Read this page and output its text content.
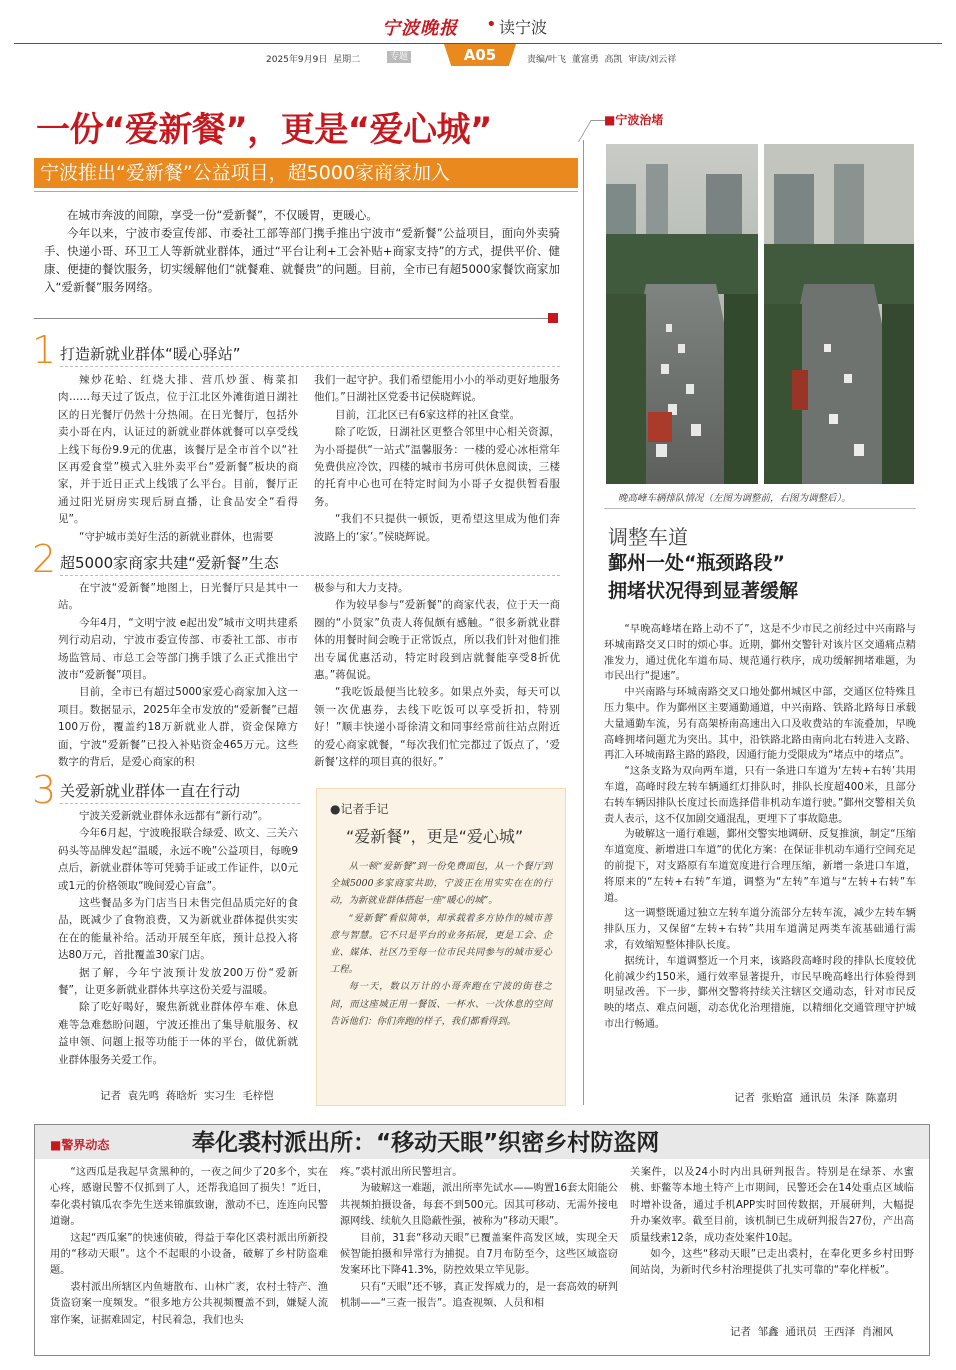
宁波晚报 • 读宁波
2025年9月9日  星期二	专题	A05	责编/叶飞  董富勇  高凯  审读/刘云祥
一份“爱新餐”，更是“爱心城”
宁波推出“爱新餐”公益项目，超5000家商家加入

在城市奔波的间隙，享受一份“爱新餐”，不仅暖胃，更暖心。

今年以来，宁波市委宣传部、市委社工部等部门携手推出宁波市“爱新餐”公益项目，面向外卖骑手、快递小哥、环卫工人等新就业群体，通过“平台让利+工会补贴+商家支持”的方式，提供平价、健康、便捷的餐饮服务，切实缓解他们“就餐难、就餐贵”的问题。目前，全市已有超5000家餐饮商家加入“爱新餐”服务网络。

1 打造新就业群体“暖心驿站”

辣炒花蛤、红烧大排、营爪炒蛋、梅菜扣肉……每天过了饭点，位于江北区外滩街道日湖社区的日光餐厅仍然十分热闹。在日光餐厅，包括外卖小哥在内，认证过的新就业群体就餐可以享受线上线下每份9.9元的优惠，该餐厅是全市首个以“社区再爱食堂”模式入驻外卖平台“爱新餐”板块的商家，并于近日正式上线饿了么平台。目前，餐厅正通过阳光厨房实现后厨直播，让食品安全“看得见”。

“守护城市美好生活的新就业群体，也需要

我们一起守护。我们希望能用小小的举动更好地服务他们。”日湖社区党委书记侯晓辉说。

目前，江北区已有6家这样的社区食堂。

除了吃饭，日湖社区更整合邻里中心相关资源，为小哥提供“一站式”温馨服务：一楼的爱心冰柜常年免费供应冷饮，四楼的城市书房可供休息阅读，三楼的托育中心也可在特定时间为小哥子女提供暂看服务。

“我们不只提供一顿饭，更希望这里成为他们奔波路上的‘家’。”侯晓辉说。

2 超5000家商家共建“爱新餐”生态

在宁波“爱新餐”地图上，日光餐厅只是其中一站。

今年4月，“文明宁波 e起出发”城市文明共建系列行动启动，宁波市委宣传部、市委社工部、市市场监管局、市总工会等部门携手饿了么正式推出宁波市“爱新餐”项目。

目前，全市已有超过5000家爱心商家加入这一项目。数据显示，2025年全市发放的“爱新餐”已超100万份，覆盖约18万新就业人群，资金保障方面，宁波“爱新餐”已投入补贴资金465万元。这些数字的背后，是爱心商家的积

极参与和大力支持。

作为较早参与“爱新餐”的商家代表，位于天一商圈的“小贤家”负责人蒋侃颇有感触。“很多新就业群体的用餐时间会晚于正常饭点，所以我们针对他们推出专属优惠活动，特定时段到店就餐能享受8折优惠。”蒋侃说。

“我吃饭最便当比较多。如果点外卖，每天可以领一次优惠券，去线下吃饭可以享受折扣，特别好！”顺丰快递小哥徐清文和同事经常前往站点附近的爱心商家就餐，“每次我们忙完都过了饭点了，‘爱新餐’这样的项目真的很好。”

3 关爱新就业群体一直在行动

宁波关爱新就业群体永远都有“新行动”。

今年6月起，宁波晚报联合绿爱、欧文、三关六码头等品牌发起“温暖，永远不晚”公益项目，每晚9点后，新就业群体等可凭骑手证或工作证件，以0元或1元的价格领取“晚间爱心盲盒”。

这些餐品多为门店当日未售完但品质完好的食品，既减少了食物浪费，又为新就业群体提供实实在在的能量补给。活动开展至年底，预计总投入将达80万元，首批覆盖30家门店。

据了解，今年宁波预计发放200万份“爱新餐”，让更多新就业群体共享这份关爱与温暖。

除了吃好喝好，聚焦新就业群体停车难、休息难等急难愁盼问题，宁波还推出了集导航服务、权益申领、问题上报等功能于一体的平台，做优新就业群体服务关爱工作。

记者  袁先鸣  蒋晗炘  实习生  毛梓恺
●记者手记
“爱新餐”，更是“爱心城”

从一顿“爱新餐”到一份免费面包，从一个餐厅到全城5000多家商家共助，宁波正在用实实在在的行动，为新就业群体搭起一座“暖心的城”。

“爱新餐”看似简单，却承载着多方协作的城市善意与智慧。它不只是平台的业务拓展，更是工会、企业、媒体、社区乃至每一位市民共同参与的城市爱心工程。

每一天，数以万计的小哥奔跑在宁波的街巷之间，而这座城正用一餐饭、一杯水、一次休息的空间告诉他们：你们奔跑的样子，我们都看得到。

■宁波治堵
晚高峰车辆排队情况（左图为调整前，右图为调整后）。
调整车道
鄞州一处“瓶颈路段”
拥堵状况得到显著缓解

“早晚高峰堵在路上动不了”，这是不少市民之前经过中兴南路与环城南路交叉口时的烦心事。近期，鄞州交警针对该片区交通痛点精准发力，通过优化车道布局、规范通行秩序，成功缓解拥堵难题，为市民出行“提速”。

中兴南路与环城南路交叉口地处鄞州城区中部，交通区位特殊且压力集中。作为鄞州区主要通勤通道，中兴南路、铁路北路每日承载大量通勤车流，另有高架桥南高速出入口及收费站的车流叠加，早晚高峰拥堵问题尤为突出。其中，沿铁路北路由南向北右转进入支路、再汇入环城南路主路的路段，因通行能力受限成为“堵点中的堵点”。

“这条支路为双向两车道，只有一条进口车道为‘左转+右转’共用车道，高峰时段左转车辆通红灯排队时，排队长度超400米，且部分右转车辆因排队长度过长而选择借非机动车道行驶。”鄞州交警相关负责人表示，这不仅加剧交通混乱，更埋下了事故隐患。

为破解这一通行难题，鄞州交警实地调研、反复推演，制定“压缩车道宽度、新增进口车道”的优化方案：在保证非机动车通行空间充足的前提下，对支路原有车道宽度进行合理压缩，新增一条进口车道，将原来的“左转+右转”车道，调整为“左转”车道与“左转+右转”车道。

这一调整既通过独立左转车道分流部分左转车流，减少左转车辆排队压力，又保留“左转+右转”共用车道满足两类车流基础通行需求，有效缩短整体排队长度。

据统计，车道调整近一个月来，该路段高峰时段的排队长度较优化前减少约150米，通行效率显著提升，市民早晚高峰出行体验得到明显改善。下一步，鄞州交警将持续关注辖区交通动态，针对市民反映的堵点、难点问题，动态优化治理措施，以精细化交通管理守护城市出行畅通。

记者  张贻富  通讯员  朱泽  陈嘉玥
■警界动态	奉化裘村派出所：“移动天眼”织密乡村防盗网

“这西瓜是我起早贪黑种的，一夜之间少了20多个，实在心疼，感谢民警不仅抓到了人，还帮我追回了损失！”近日，奉化裘村镇瓜农李先生送来锦旗致谢，激动不已，连连向民警道谢。

这起“西瓜案”的快速侦破，得益于奉化区裘村派出所新投用的“移动天眼”。这个不起眼的小设备，破解了乡村防盗难题。

裘村派出所辖区内鱼塘散布、山林广袤，农村土特产、渔货盗窃案一度频发。“很多地方公共视频覆盖不到，嫌疑人流窜作案，证据难固定，村民着急，我们也头

疼。”裘村派出所民警坦言。

为破解这一难题，派出所率先试水——购置16套太阳能公共视频拍摄设备，每套不到500元。因其可移动、无需外接电源网线、续航久且隐蔽性强，被称为“移动天眼”。

目前，31套“移动天眼”已覆盖案件高发区域，实现全天候智能拍摄和异常行为捕捉。自7月布防至今，这些区域盗窃发案环比下降41.3%，防控效果立竿见影。

只有“天眼”还不够，真正发挥威力的，是一套高效的研判机制——“三查一报告”。追查视频、人员和相

关案件，以及24小时内出具研判报告。特别是在绿茶、水蜜桃、虾鳖等本地土特产上市期间，民警还会在14处重点区域临时增补设备，通过手机APP实时回传数据，开展研判，大幅提升办案效率。截至目前，该机制已生成研判报告27份，产出高质量线索12条，成功查处案件10起。

如今，这些“移动天眼”已走出裘村，在奉化更多乡村田野间站岗，为新时代乡村治理提供了扎实可靠的“奉化样板”。

记者  邹鑫  通讯员  王西泽  肖湘风
